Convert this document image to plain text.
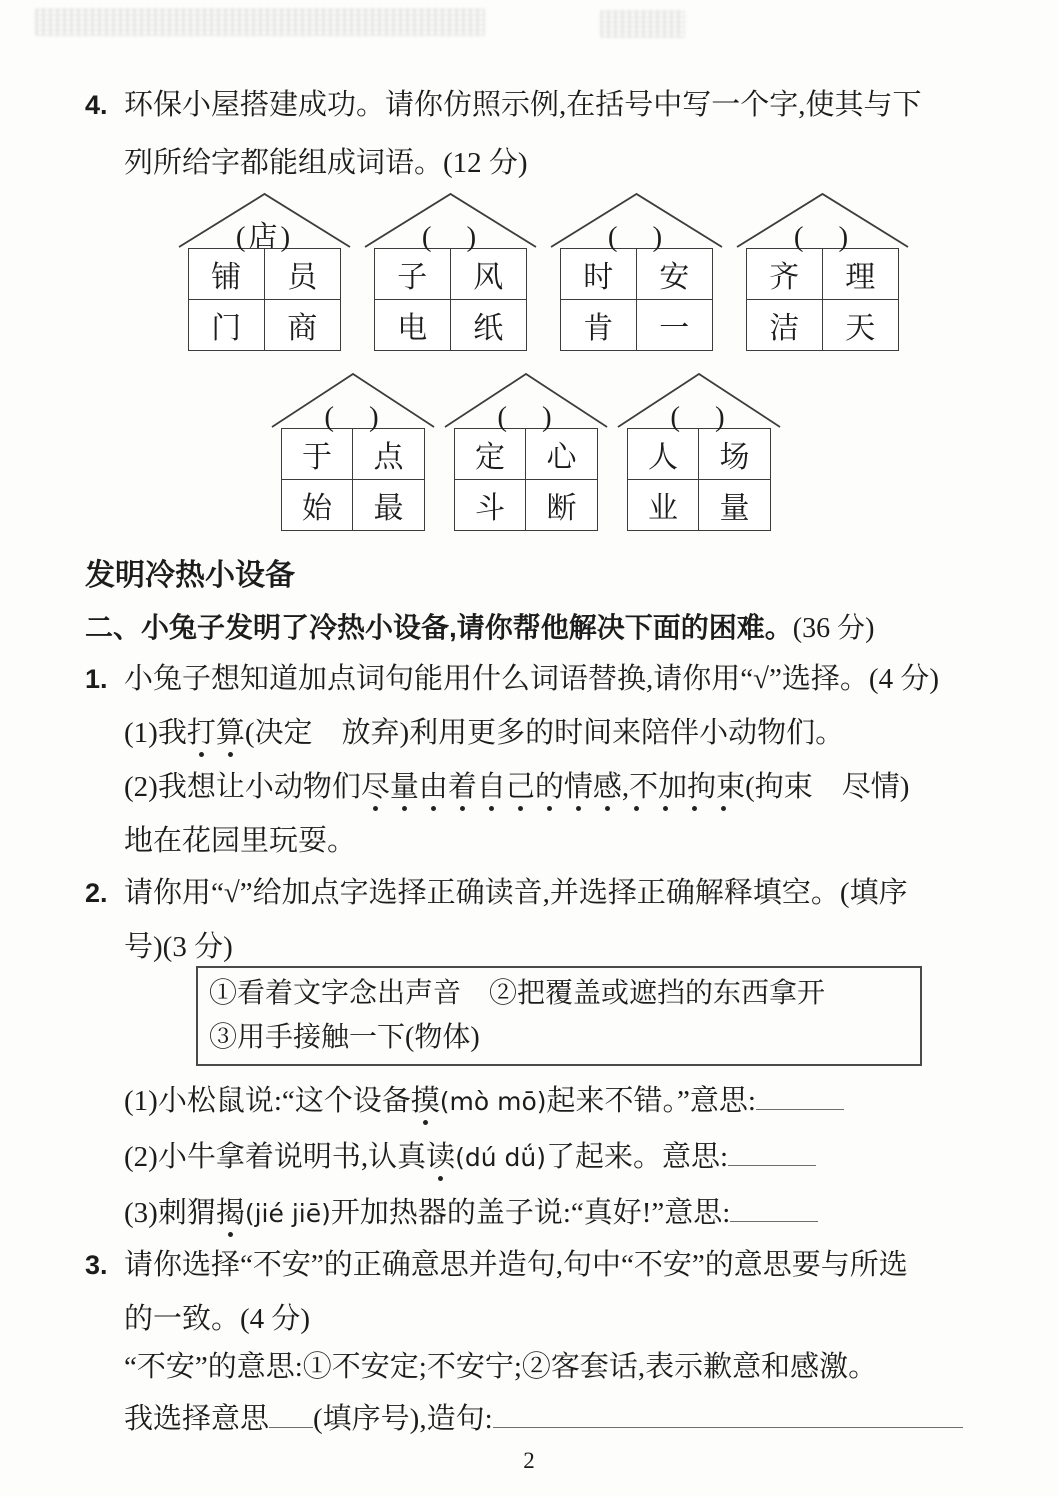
4. 环保小屋搭建成功。请你仿照示例,在括号中写一个字,使其与下
列所给字都能组成词语。(12 分)
(店)
铺	员
门	商
(　)
子	风
电	纸
(　)
时	安
肯	一
(　)
齐	理
洁	天
(　)
于	点
始	最
(　)
定	心
斗	断
(　)
人	场
业	量
发明冷热小设备
二、小兔子发明了冷热小设备,请你帮他解决下面的困难。(36 分)
1. 小兔子想知道加点词句能用什么词语替换,请你用“√”选择。(4 分)
(1)我打算(决定　放弃)利用更多的时间来陪伴小动物们。
(2)我想让小动物们尽量由着自己的情感,不加拘束(拘束　尽情)
地在花园里玩耍。
2. 请你用“√”给加点字选择正确读音,并选择正确解释填空。(填序
号)(3 分)
①看着文字念出声音　②把覆盖或遮挡的东西拿开
③用手接触一下(物体)
(1)小松鼠说:“这个设备摸(mò mō)起来不错。”意思:
(2)小牛拿着说明书,认真读(dú dǘ)了起来。意思:
(3)刺猬揭(jié jiē)开加热器的盖子说:“真好!”意思:
3. 请你选择“不安”的正确意思并造句,句中“不安”的意思要与所选
的一致。(4 分)
“不安”的意思:①不安定;不安宁;②客套话,表示歉意和感激。
我选择意思 (填序号),造句:
2
